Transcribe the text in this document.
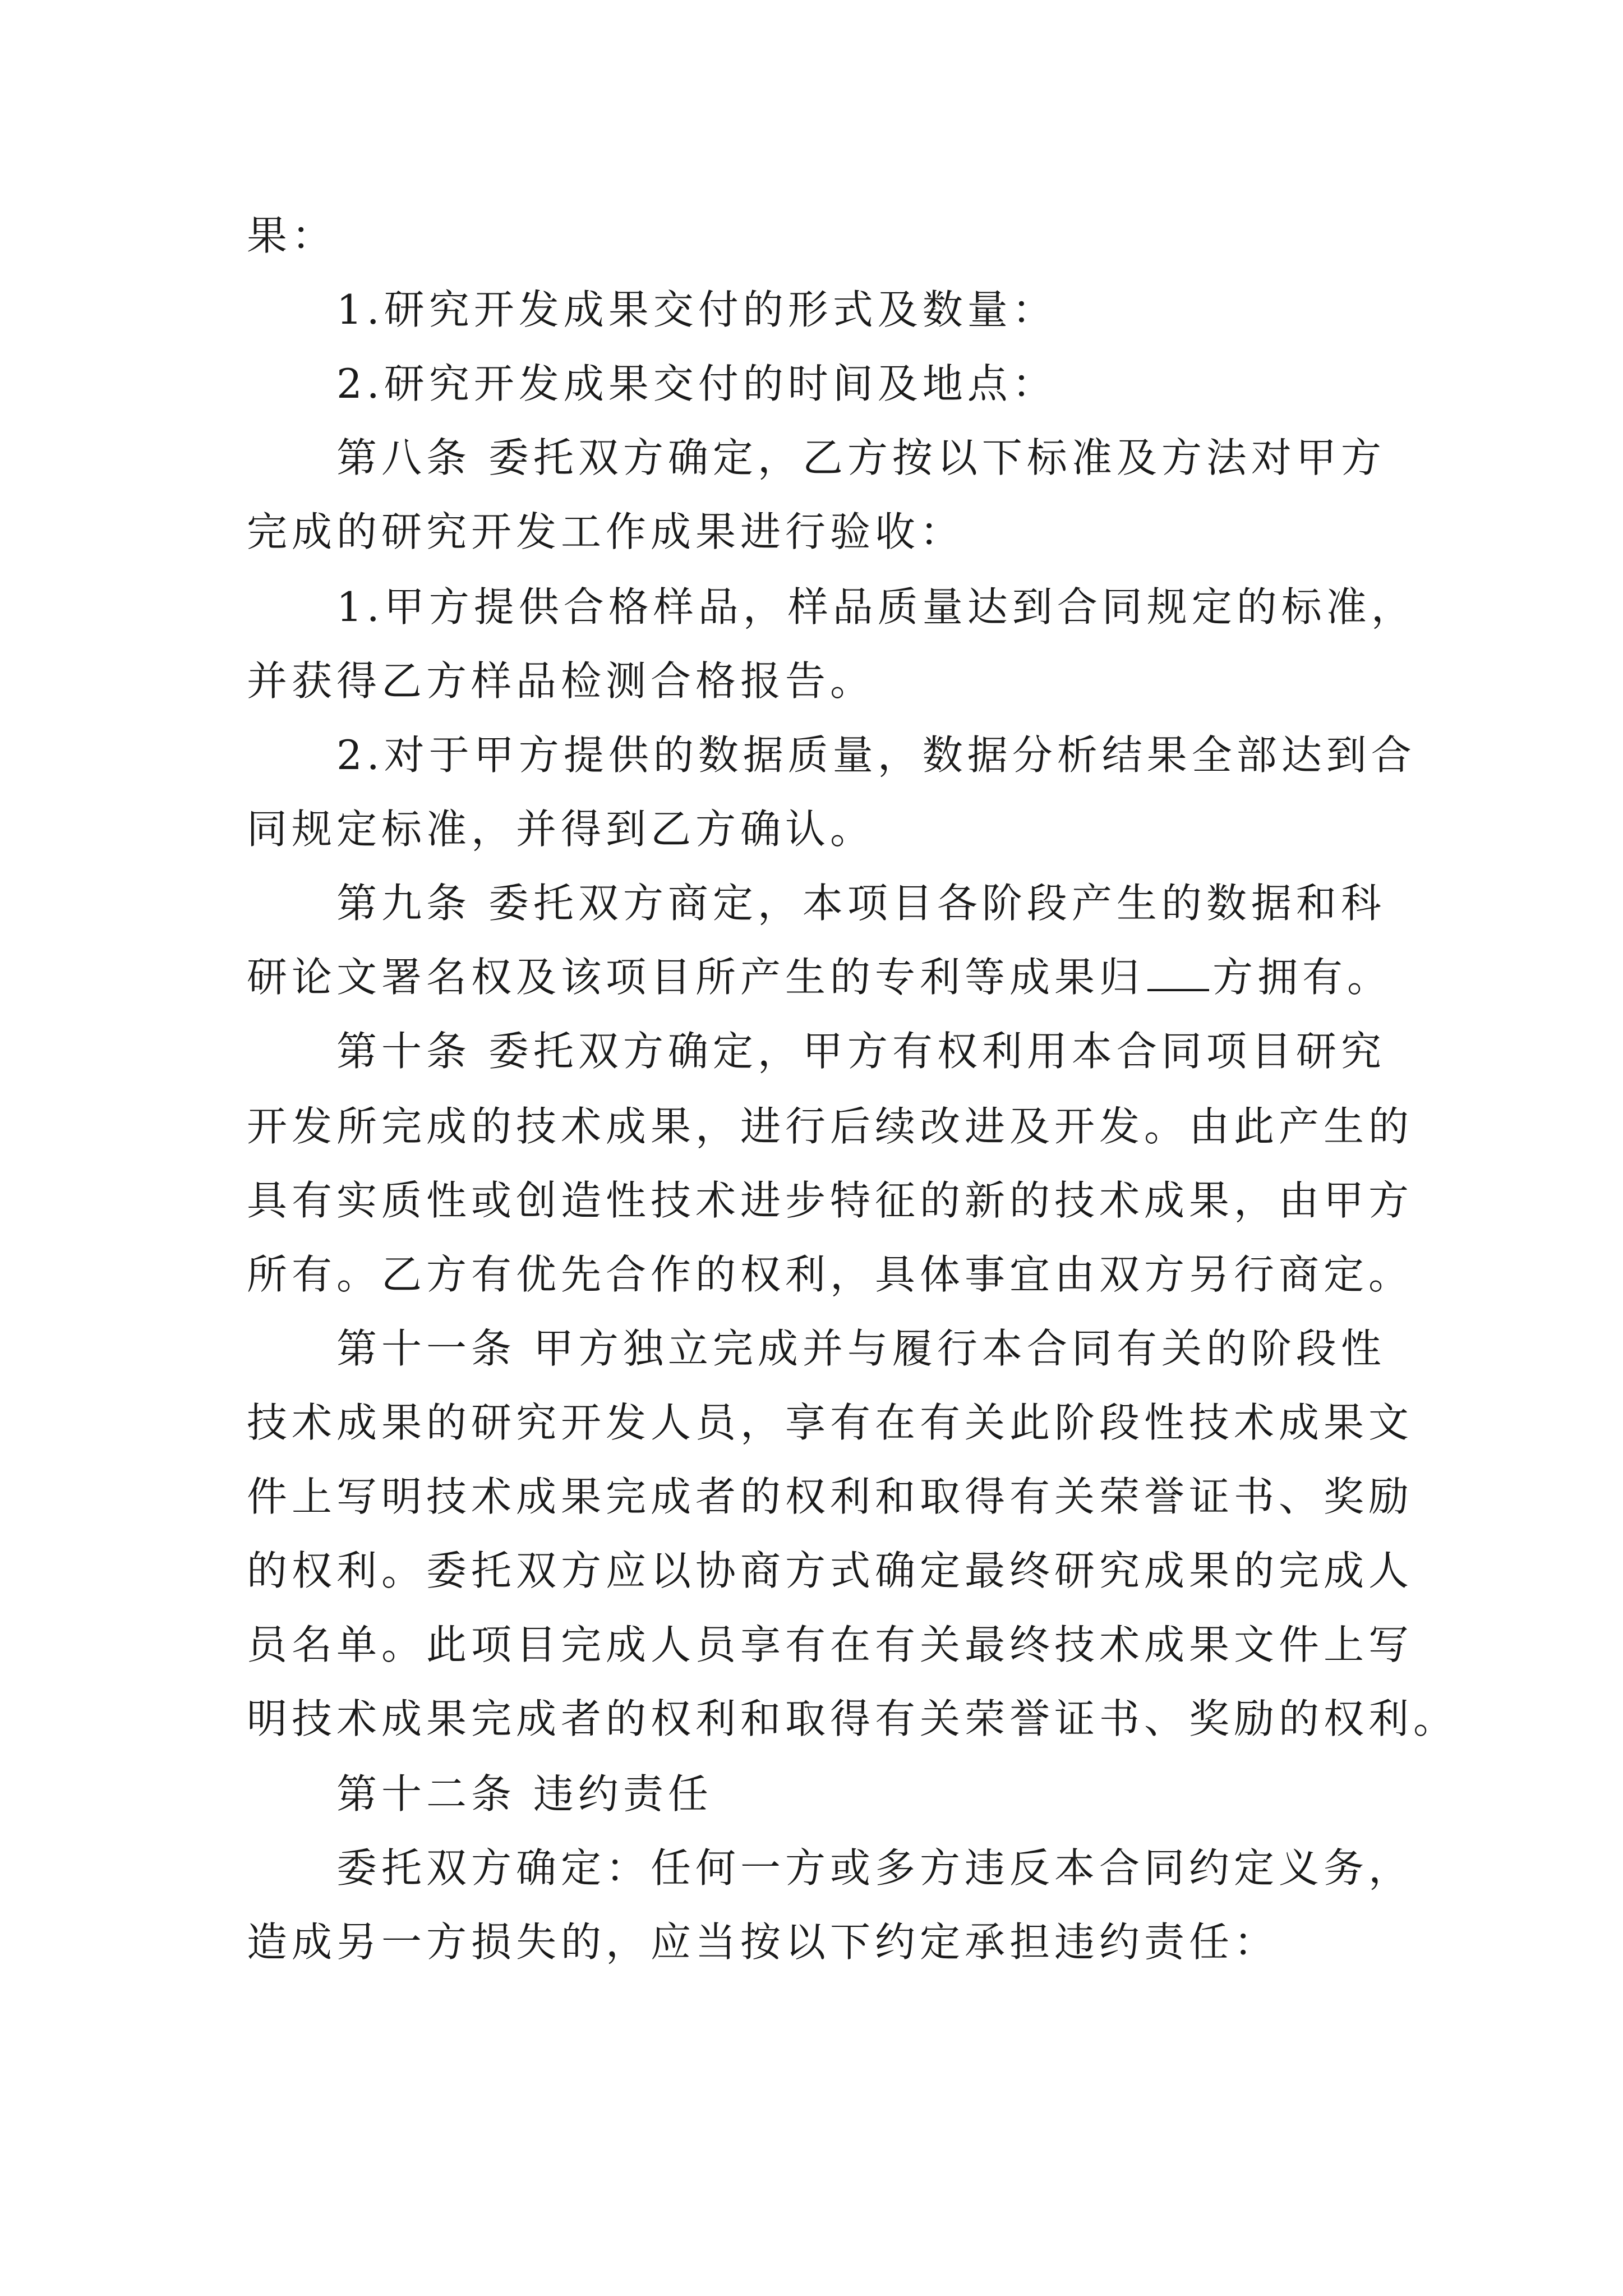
果：
1.研究开发成果交付的形式及数量：
2.研究开发成果交付的时间及地点：
第八条 委托双方确定，乙方按以下标准及方法对甲方
完成的研究开发工作成果进行验收：
1.甲方提供合格样品，样品质量达到合同规定的标准，
并获得乙方样品检测合格报告。
2.对于甲方提供的数据质量，数据分析结果全部达到合
同规定标准，并得到乙方确认。
第九条 委托双方商定，本项目各阶段产生的数据和科
研论文署名权及该项目所产生的专利等成果归 方拥有。
第十条 委托双方确定，甲方有权利用本合同项目研究
开发所完成的技术成果，进行后续改进及开发。由此产生的
具有实质性或创造性技术进步特征的新的技术成果，由甲方
所有。乙方有优先合作的权利，具体事宜由双方另行商定。
第十一条 甲方独立完成并与履行本合同有关的阶段性
技术成果的研究开发人员，享有在有关此阶段性技术成果文
件上写明技术成果完成者的权利和取得有关荣誉证书、奖励
的权利。委托双方应以协商方式确定最终研究成果的完成人
员名单。此项目完成人员享有在有关最终技术成果文件上写
明技术成果完成者的权利和取得有关荣誉证书、奖励的权利。
第十二条 违约责任
委托双方确定：任何一方或多方违反本合同约定义务，
造成另一方损失的，应当按以下约定承担违约责任：
